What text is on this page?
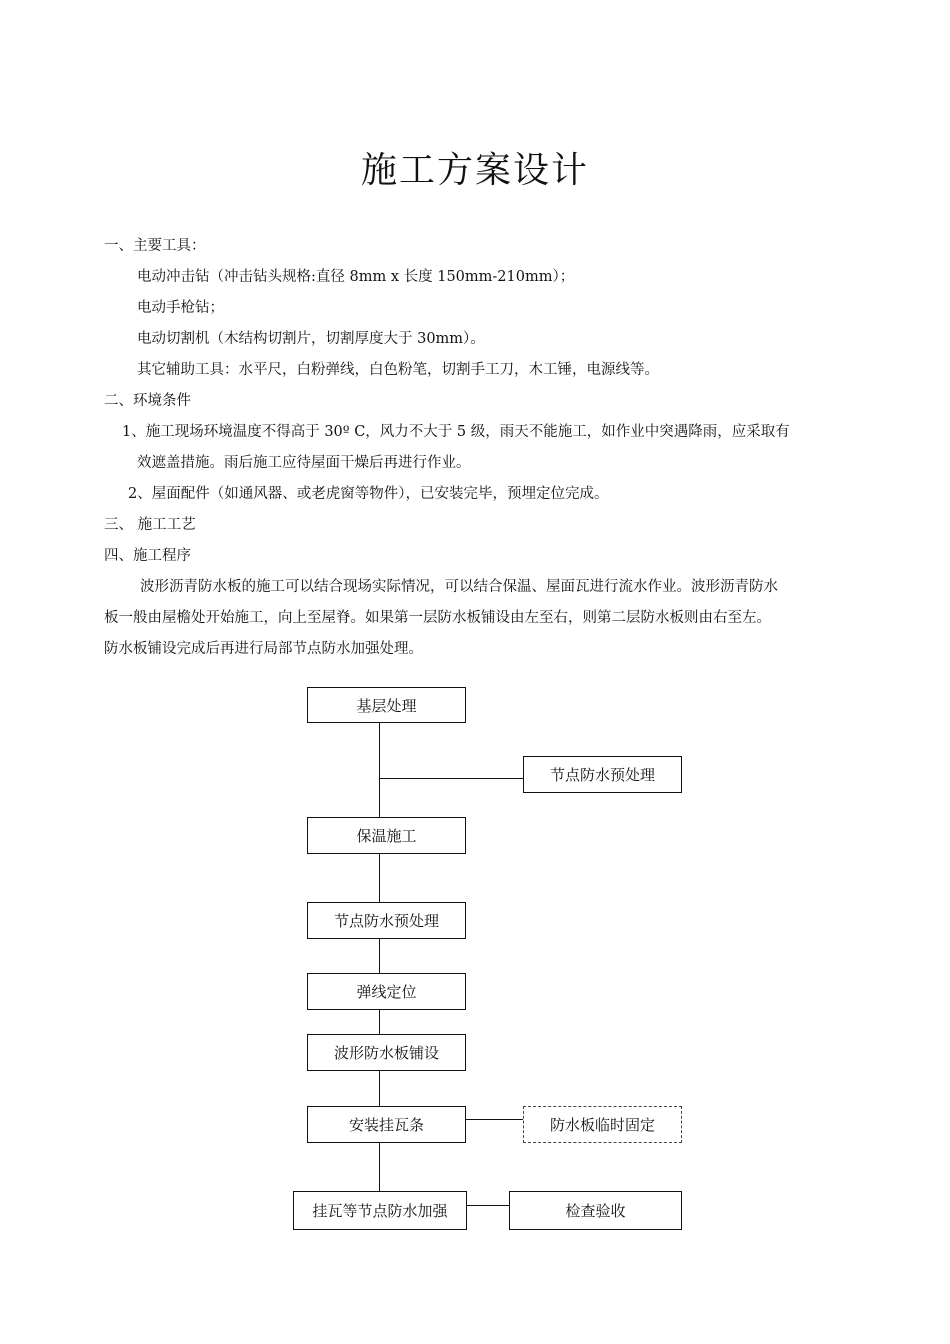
施工方案设计
一、主要工具：
电动冲击钻（冲击钻头规格:直径 8mm x 长度 150mm-210mm）；
电动手枪钻；
电动切割机（木结构切割片，切割厚度大于 30mm）。
其它辅助工具：水平尺，白粉弹线，白色粉笔，切割手工刀，木工锤，电源线等。
二、环境条件
1、施工现场环境温度不得高于 30º C，风力不大于 5 级，雨天不能施工，如作业中突遇降雨，应采取有
效遮盖措施。雨后施工应待屋面干燥后再进行作业。
2、屋面配件（如通风器、或老虎窗等物件），已安装完毕，预埋定位完成。
三、 施工工艺
四、施工程序
波形沥青防水板的施工可以结合现场实际情况，可以结合保温、屋面瓦进行流水作业。波形沥青防水
板一般由屋檐处开始施工，向上至屋脊。如果第一层防水板铺设由左至右，则第二层防水板则由右至左。
防水板铺设完成后再进行局部节点防水加强处理。
基层处理
节点防水预处理
保温施工
节点防水预处理
弹线定位
波形防水板铺设
安装挂瓦条	防水板临时固定
挂瓦等节点防水加强	检查验收
